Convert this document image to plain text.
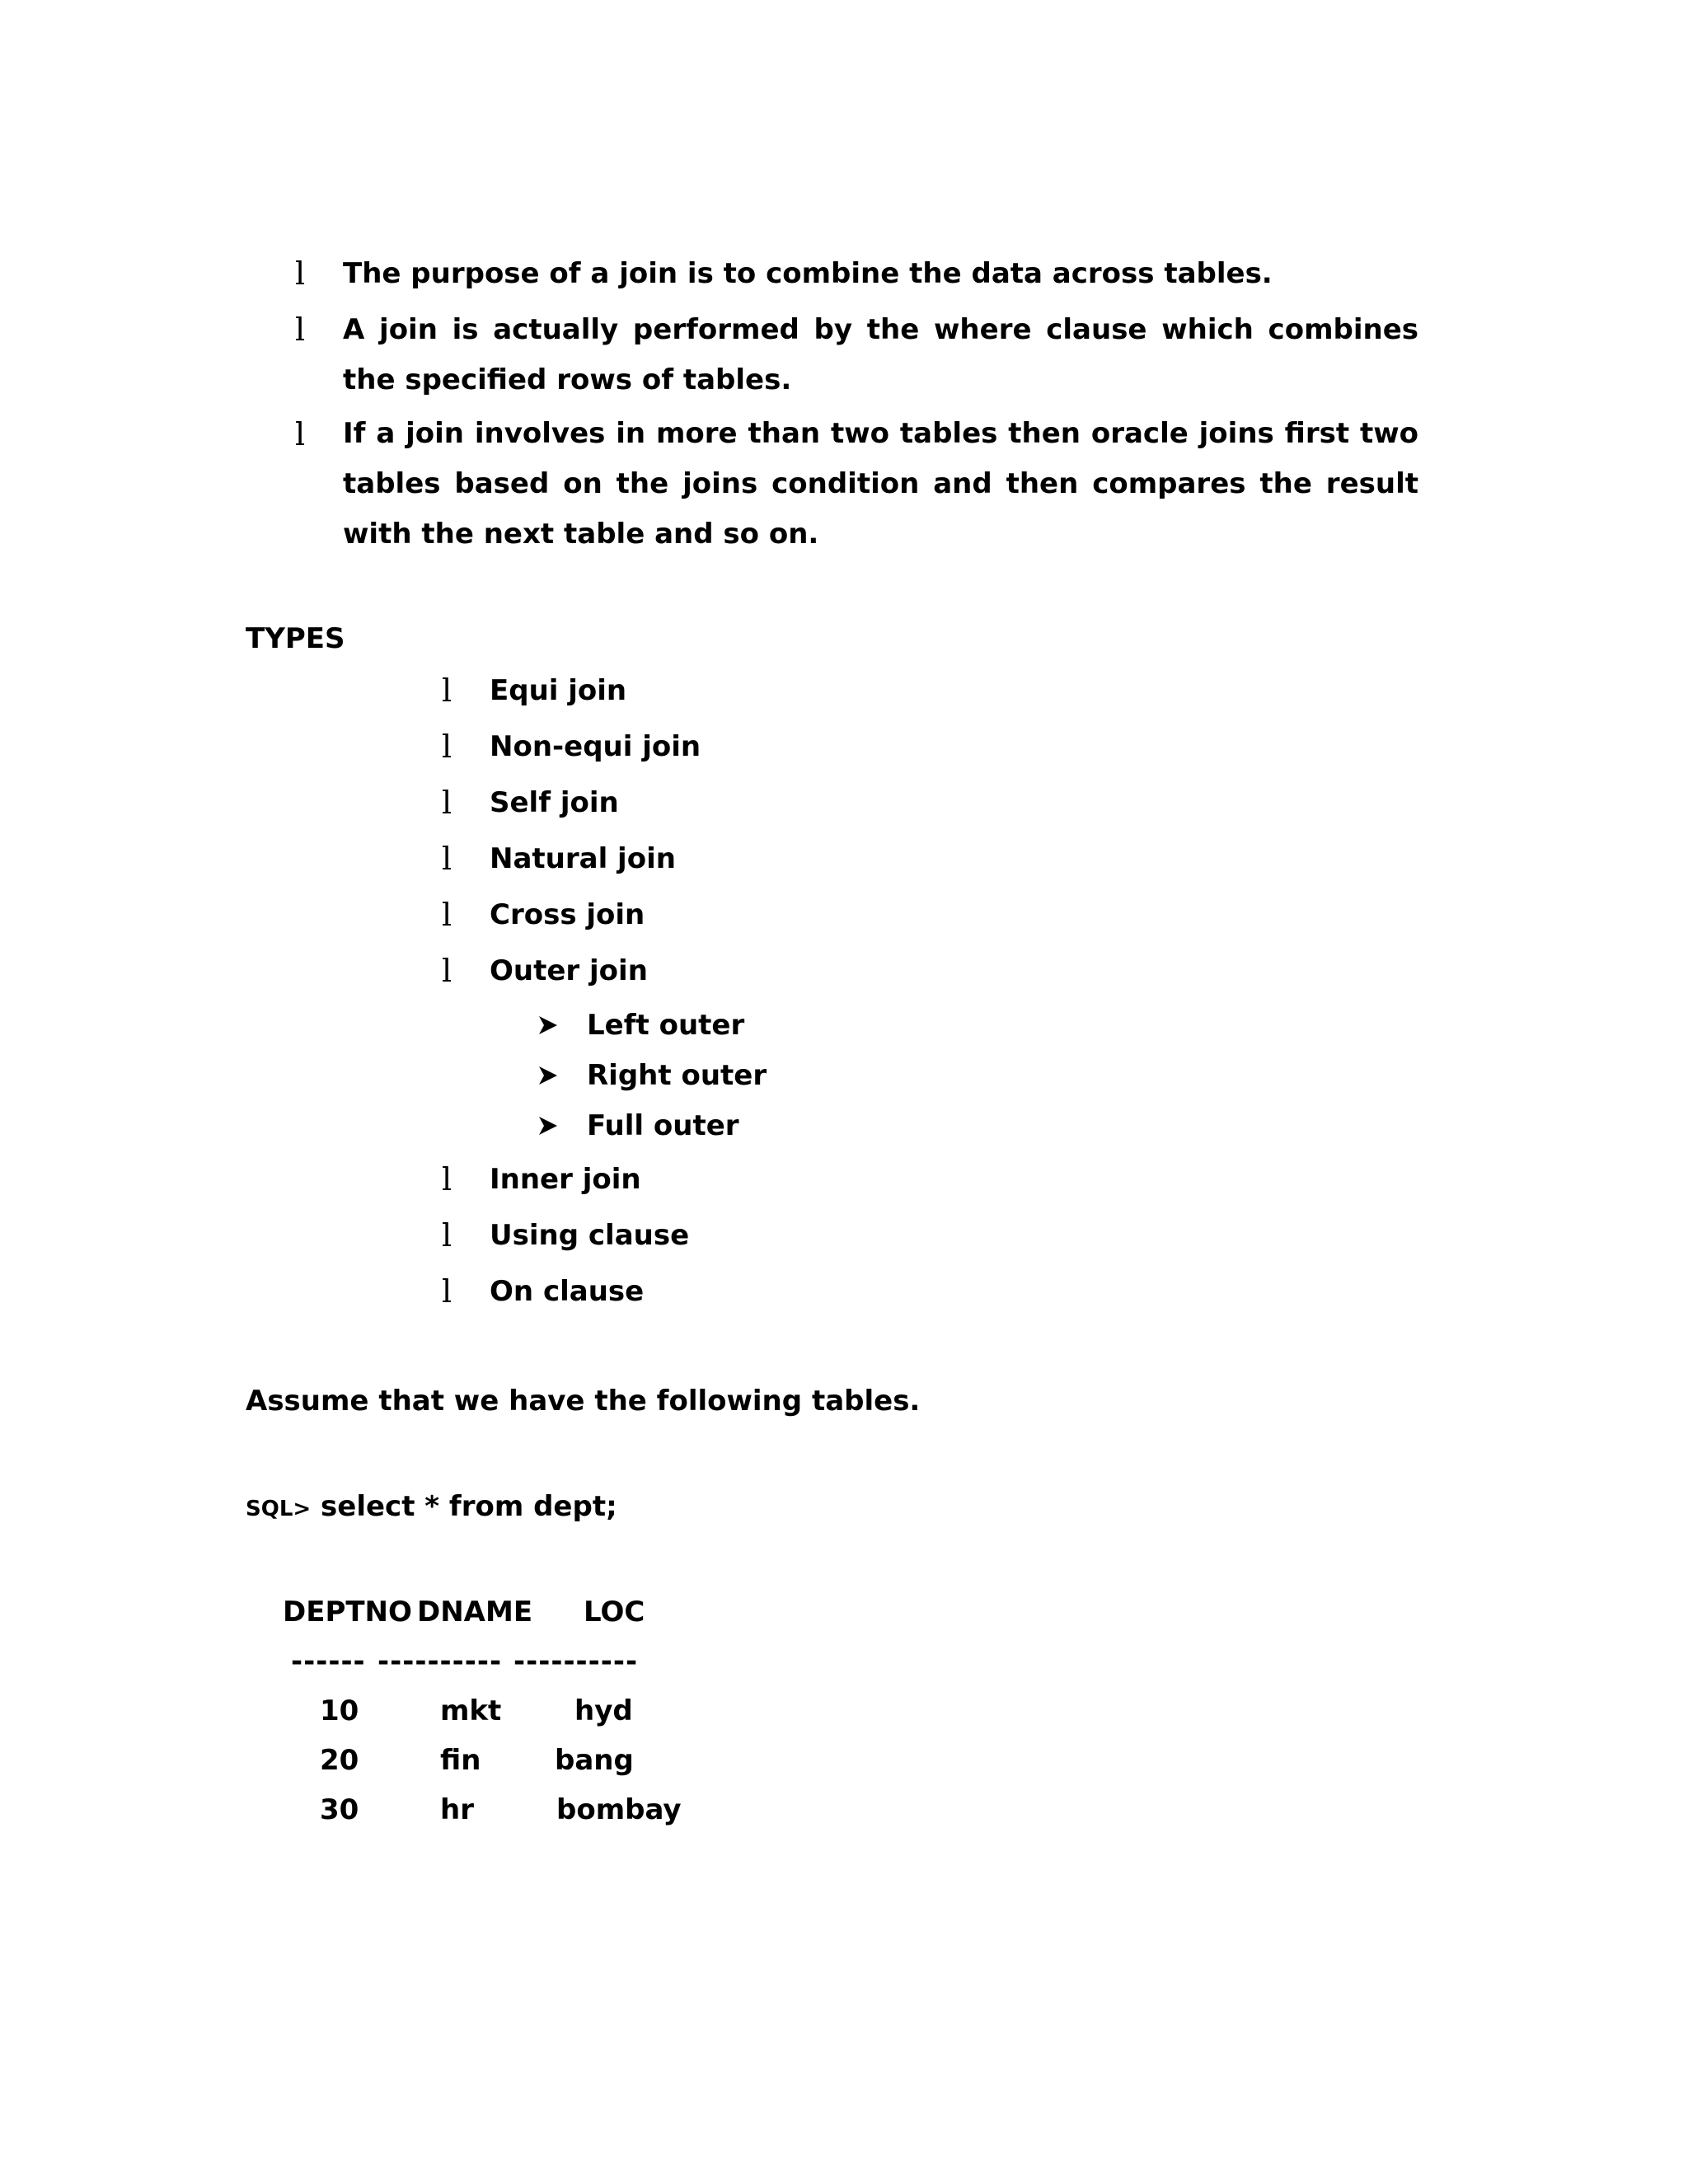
l The purpose of a join is to combine the data across tables.
l A join is actually performed by the where clause which combines the specified rows of tables.
l If a join involves in more than two tables then oracle joins first two tables based on the joins condition and then compares the result with the next table and so on.
TYPES
l Equi join
l Non-equi join
l Self join
l Natural join
l Cross join
l Outer join
Left outer
Right outer
Full outer
l Inner join
l Using clause
l On clause
Assume that we have the following tables.
SQL> select * from dept;
DEPTNO DNAME LOC
------ ---------- ----------
10	mkt	hyd
20	fin	bang
30	hr	bombay
